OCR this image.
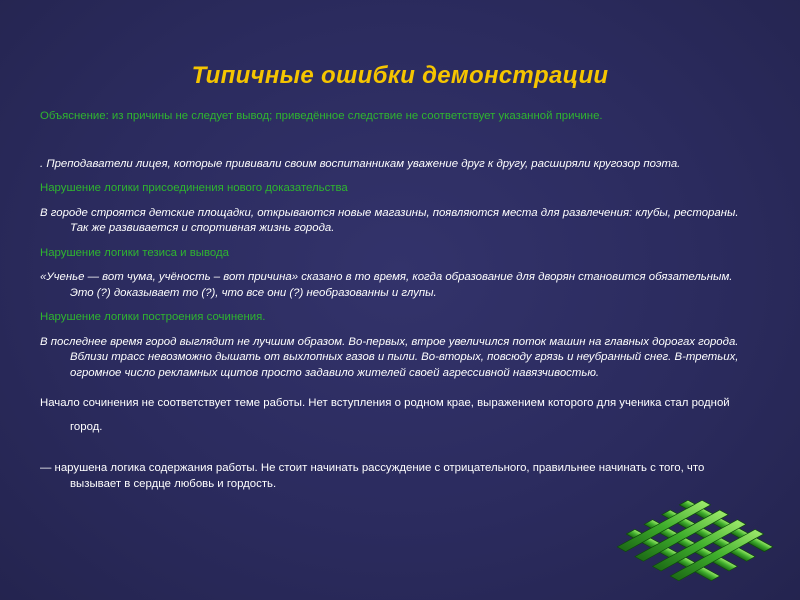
Типичные ошибки демонстрации

Объяснение: из причины не следует вывод; приведённое следствие не соответствует указанной причине.

. Преподаватели лицея, которые прививали своим воспитанникам уважение друг к другу, расширяли кругозор поэта.

Нарушение логики присоединения нового доказательства

В городе строятся детские площадки, открываются новые магазины, появляются места для развлечения: клубы, рестораны. Так же развивается и спортивная жизнь города.

Нарушение логики тезиса и вывода

«Ученье — вот чума, учёность – вот причина» сказано в то время, когда образование для дворян становится обязательным. Это (?) доказывает то (?), что все они (?) необразованны и глупы.

Нарушение логики построения сочинения.

В последнее время город выглядит не лучшим образом. Во-первых, втрое увеличился поток машин на главных дорогах города. Вблизи трасс невозможно дышать от выхлопных газов и пыли. Во-вторых, повсюду грязь и неубранный снег. В-третьих, огромное число рекламных щитов просто задавило жителей своей агрессивной навязчивостью.

Начало сочинения не соответствует теме работы. Нет вступления о родном крае, выражением которого для ученика стал родной город.

— нарушена логика содержания работы. Не стоит начинать рассуждение с отрицательного, правильнее начинать с того, что вызывает в сердце любовь и гордость.
